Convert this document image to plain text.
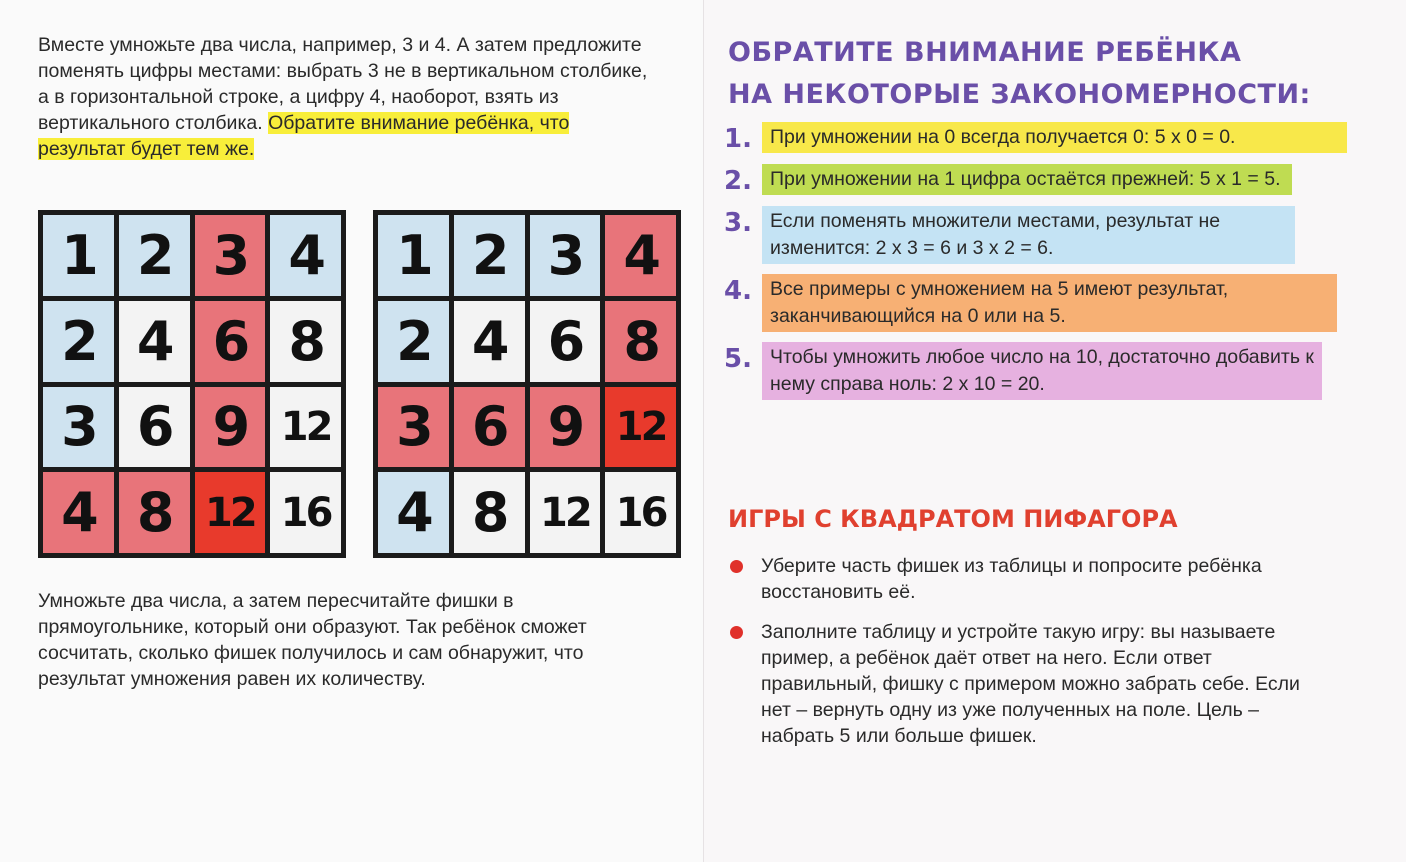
Вместе умножьте два числа, например, 3 и 4. А затем предложите поменять цифры местами: выбрать 3 не в вертикальном столбике, а в горизонтальной строке, а цифру 4, наоборот, взять из вертикального столбика. Обратите внимание ребёнка, что результат будет тем же.

1 2 3 4
2 4 6 8
3 6 9 12
4 8 12 16
1 2 3 4
2 4 6 8
3 6 9 12
4 8 12 16

Умножьте два числа, а затем пересчитайте фишки в прямоугольнике, который они образуют. Так ребёнок сможет сосчитать, сколько фишек получилось и сам обнаружит, что результат умножения равен их количеству.

ОБРАТИТЕ ВНИМАНИЕ РЕБЁНКА
НА НЕКОТОРЫЕ ЗАКОНОМЕРНОСТИ:
1. При умножении на 0 всегда получается 0: 5 x 0 = 0.
2. При умножении на 1 цифра остаётся прежней: 5 x 1 = 5.
3. Если поменять множители местами, результат не изменится: 2 x 3 = 6 и 3 x 2 = 6.
4. Все примеры с умножением на 5 имеют результат, заканчивающийся на 0 или на 5.
5. Чтобы умножить любое число на 10, достаточно добавить к нему справа ноль: 2 x 10 = 20.
ИГРЫ С КВАДРАТОМ ПИФАГОРА
Уберите часть фишек из таблицы и попросите ребёнка восстановить её.
Заполните таблицу и устройте такую игру: вы называете пример, а ребёнок даёт ответ на него. Если ответ правильный, фишку с примером можно забрать себе. Если нет – вернуть одну из уже полученных на поле. Цель – набрать 5 или больше фишек.
